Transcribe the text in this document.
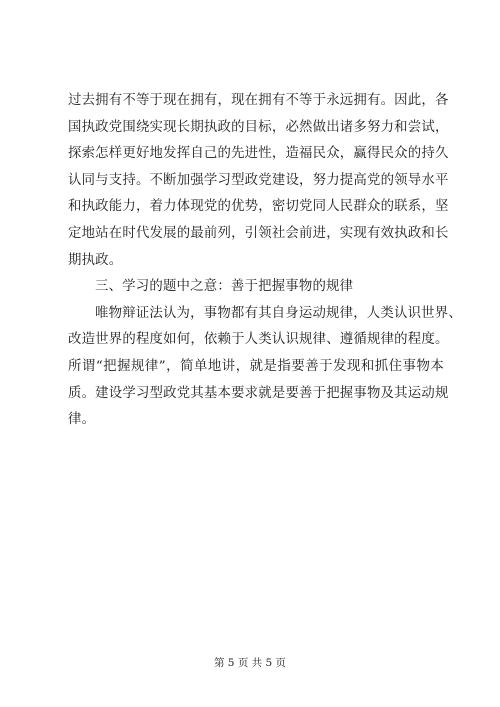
过去拥有不等于现在拥有，现在拥有不等于永远拥有。因此，各
国执政党围绕实现长期执政的目标，必然做出诸多努力和尝试，
探索怎样更好地发挥自己的先进性，造福民众，赢得民众的持久
认同与支持。不断加强学习型政党建设，努力提高党的领导水平
和执政能力，着力体现党的优势，密切党同人民群众的联系，坚
定地站在时代发展的最前列，引领社会前进，实现有效执政和长
期执政。
三、学习的题中之意：善于把握事物的规律
唯物辩证法认为，事物都有其自身运动规律，人类认识世界、
改造世界的程度如何，依赖于人类认识规律、遵循规律的程度。
所谓“把握规律”，简单地讲，就是指要善于发现和抓住事物本
质。建设学习型政党其基本要求就是要善于把握事物及其运动规
律。
第 5 页 共 5 页
